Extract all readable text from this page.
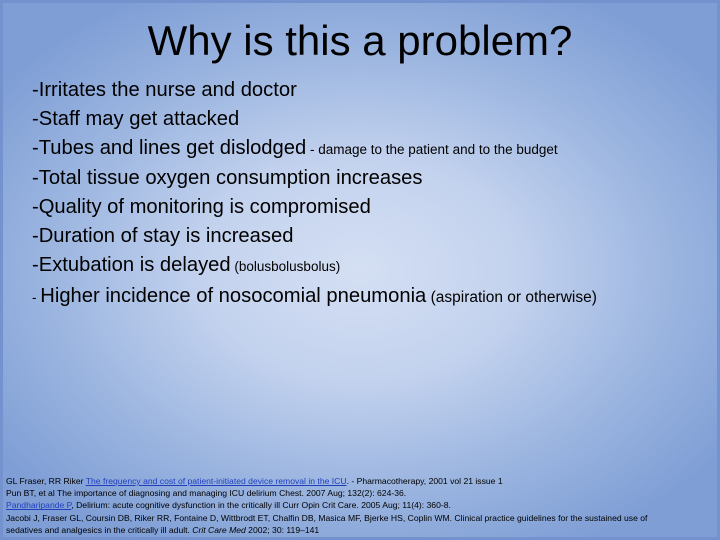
Why is this a problem?
-Irritates the nurse and doctor
-Staff may get attacked
-Tubes and lines get dislodged - damage to the patient and to the budget
-Total tissue oxygen consumption increases
-Quality of monitoring is compromised
-Duration of stay is increased
-Extubation is delayed (bolusbolusbolus)
- Higher incidence of nosocomial pneumonia (aspiration or otherwise)
GL Fraser, RR Riker The frequency and cost of patient-initiated device removal in the ICU. - Pharmacotherapy, 2001 vol 21 issue 1
Pun BT, et al The importance of diagnosing and managing ICU delirium Chest. 2007 Aug; 132(2): 624-36.
Pandharipande P, Delirium: acute cognitive dysfunction in the critically ill Curr Opin Crit Care. 2005 Aug; 11(4): 360-8.
Jacobi J, Fraser GL, Coursin DB, Riker RR, Fontaine D, Wittbrodt ET, Chalfin DB, Masica MF, Bjerke HS, Coplin WM. Clinical practice guidelines for the sustained use of
sedatives and analgesics in the critically ill adult. Crit Care Med 2002; 30: 119–141
